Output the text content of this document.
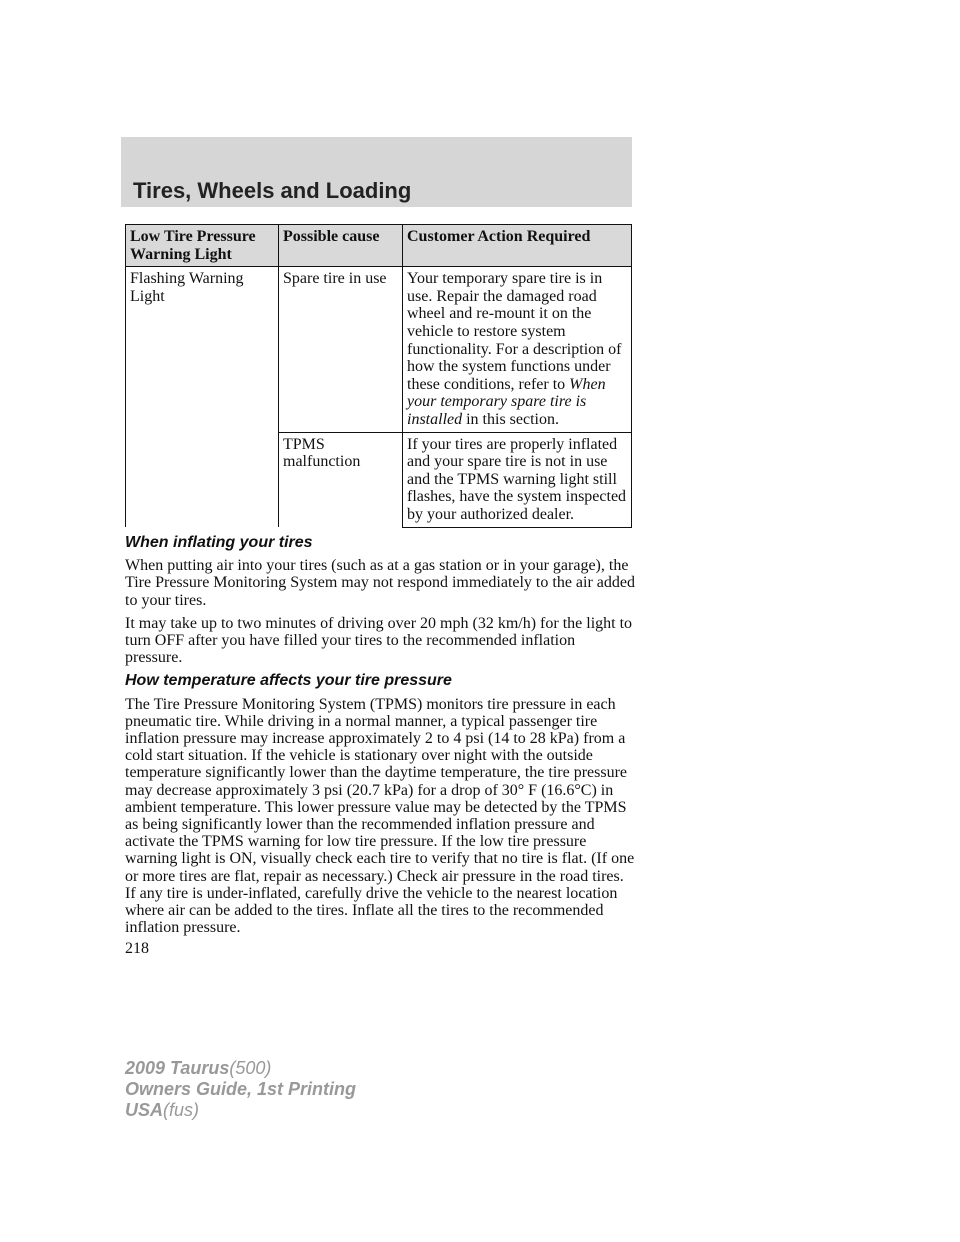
Tires, Wheels and Loading
Low Tire Pressure Warning Light	Possible cause	Customer Action Required
Flashing Warning Light	Spare tire in use	Your temporary spare tire is in use. Repair the damaged road wheel and re-mount it on the vehicle to restore system functionality. For a description of how the system functions under these conditions, refer to When your temporary spare tire is installed in this section.
	TPMS malfunction	If your tires are properly inflated and your spare tire is not in use and the TPMS warning light still flashes, have the system inspected by your authorized dealer.
When inflating your tires

When putting air into your tires (such as at a gas station or in your garage), the Tire Pressure Monitoring System may not respond immediately to the air added to your tires.

It may take up to two minutes of driving over 20 mph (32 km/h) for the light to turn OFF after you have filled your tires to the recommended inflation pressure.

How temperature affects your tire pressure

The Tire Pressure Monitoring System (TPMS) monitors tire pressure in each pneumatic tire. While driving in a normal manner, a typical passenger tire inflation pressure may increase approximately 2 to 4 psi (14 to 28 kPa) from a cold start situation. If the vehicle is stationary over night with the outside temperature significantly lower than the daytime temperature, the tire pressure may decrease approximately 3 psi (20.7 kPa) for a drop of 30° F (16.6°C) in ambient temperature. This lower pressure value may be detected by the TPMS as being significantly lower than the recommended inflation pressure and activate the TPMS warning for low tire pressure. If the low tire pressure warning light is ON, visually check each tire to verify that no tire is flat. (If one or more tires are flat, repair as necessary.) Check air pressure in the road tires. If any tire is under-inflated, carefully drive the vehicle to the nearest location where air can be added to the tires. Inflate all the tires to the recommended inflation pressure.

218
2009 Taurus(500)
Owners Guide, 1st Printing
USA(fus)
